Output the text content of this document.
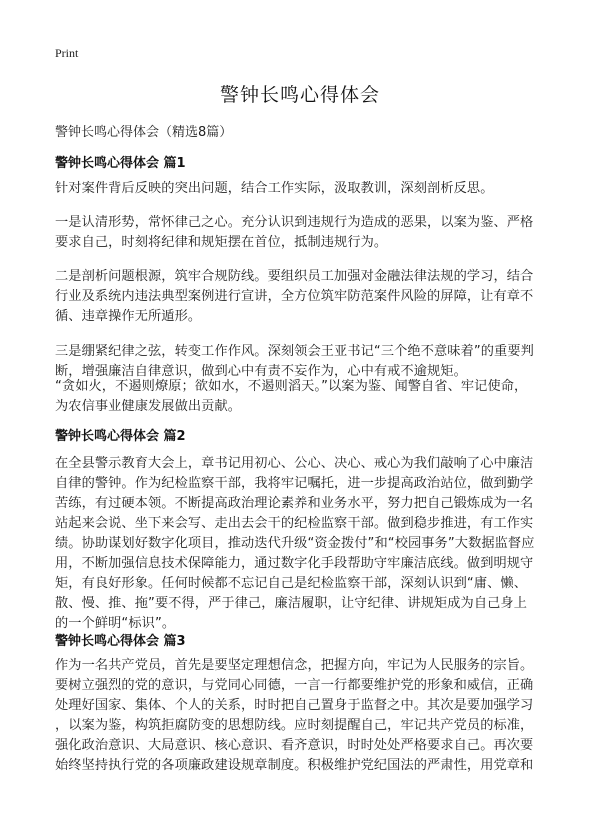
Print
警钟长鸣心得体会
警钟长鸣心得体会（精选8篇）
警钟长鸣心得体会 篇1
针对案件背后反映的突出问题，结合工作实际，汲取教训，深刻剖析反思。
一是认清形势，常怀律己之心。充分认识到违规行为造成的恶果，以案为鉴、严格
要求自己，时刻将纪律和规矩摆在首位，抵制违规行为。
二是剖析问题根源，筑牢合规防线。要组织员工加强对金融法律法规的学习，结合
行业及系统内违法典型案例进行宣讲，全方位筑牢防范案件风险的屏障，让有章不
循、违章操作无所遁形。
三是绷紧纪律之弦，转变工作作风。深刻领会王亚书记“三个绝不意味着”的重要判
断，增强廉洁自律意识，做到心中有责不妄作为，心中有戒不逾规矩。
“贪如火，不遏则燎原；欲如水，不遏则滔天。”以案为鉴、闻警自省、牢记使命，
为农信事业健康发展做出贡献。
警钟长鸣心得体会 篇2
在全县警示教育大会上，章书记用初心、公心、决心、戒心为我们敲响了心中廉洁
自律的警钟。作为纪检监察干部，我将牢记嘱托，进一步提高政治站位，做到勤学
苦练，有过硬本领。不断提高政治理论素养和业务水平，努力把自己锻炼成为一名
站起来会说、坐下来会写、走出去会干的纪检监察干部。做到稳步推进，有工作实
绩。协助谋划好数字化项目，推动迭代升级“资金拨付”和“校园事务”大数据监督应
用，不断加强信息技术保障能力，通过数字化手段帮助守牢廉洁底线。做到明规守
矩，有良好形象。任何时候都不忘记自己是纪检监察干部，深刻认识到“庸、懒、
散、慢、推、拖”要不得，严于律己，廉洁履职，让守纪律、讲规矩成为自己身上
的一个鲜明“标识”。
警钟长鸣心得体会 篇3
作为一名共产党员，首先是要坚定理想信念，把握方向，牢记为人民服务的宗旨。
要树立强烈的党的意识，与党同心同德，一言一行都要维护党的形象和威信，正确
处理好国家、集体、个人的关系，时时把自己置身于监督之中。其次是要加强学习
，以案为鉴，构筑拒腐防变的思想防线。应时刻提醒自己，牢记共产党员的标准，
强化政治意识、大局意识、核心意识、看齐意识，时时处处严格要求自己。再次要
始终坚持执行党的各项廉政建设规章制度。积极维护党纪国法的严肃性，用党章和
